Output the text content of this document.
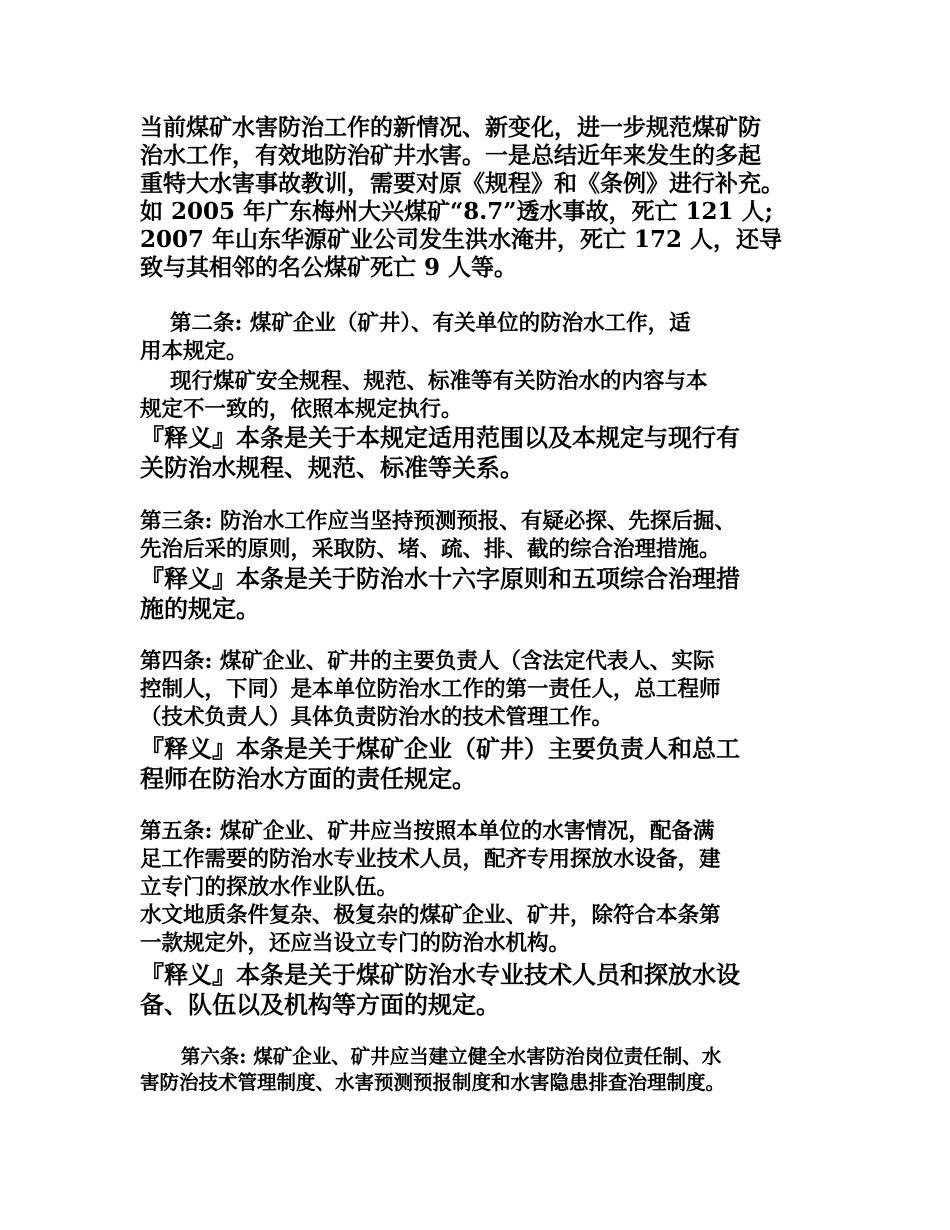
当前煤矿水害防治工作的新情况、新变化，进一步规范煤矿防
治水工作，有效地防治矿井水害。一是总结近年来发生的多起
重特大水害事故教训，需要对原《规程》和《条例》进行补充。
如 2005 年广东梅州大兴煤矿“8.7”透水事故，死亡 121 人;
2007 年山东华源矿业公司发生洪水淹井，死亡 172 人，还导
致与其相邻的名公煤矿死亡 9 人等。
第二条: 煤矿企业（矿井）、有关单位的防治水工作，适
用本规定。
现行煤矿安全规程、规范、标准等有关防治水的内容与本
规定不一致的，依照本规定执行。
『释义』本条是关于本规定适用范围以及本规定与现行有
关防治水规程、规范、标准等关系。
第三条: 防治水工作应当坚持预测预报、有疑必探、先探后掘、
先治后采的原则，采取防、堵、疏、排、截的综合治理措施。
『释义』本条是关于防治水十六字原则和五项综合治理措
施的规定。
第四条: 煤矿企业、矿井的主要负责人（含法定代表人、实际
控制人，下同）是本单位防治水工作的第一责任人，总工程师
（技术负责人）具体负责防治水的技术管理工作。
『释义』本条是关于煤矿企业（矿井）主要负责人和总工
程师在防治水方面的责任规定。
第五条: 煤矿企业、矿井应当按照本单位的水害情况，配备满
足工作需要的防治水专业技术人员，配齐专用探放水设备，建
立专门的探放水作业队伍。
水文地质条件复杂、极复杂的煤矿企业、矿井，除符合本条第
一款规定外，还应当设立专门的防治水机构。
『释义』本条是关于煤矿防治水专业技术人员和探放水设
备、队伍以及机构等方面的规定。
第六条: 煤矿企业、矿井应当建立健全水害防治岗位责任制、水
害防治技术管理制度、水害预测预报制度和水害隐患排查治理制度。
